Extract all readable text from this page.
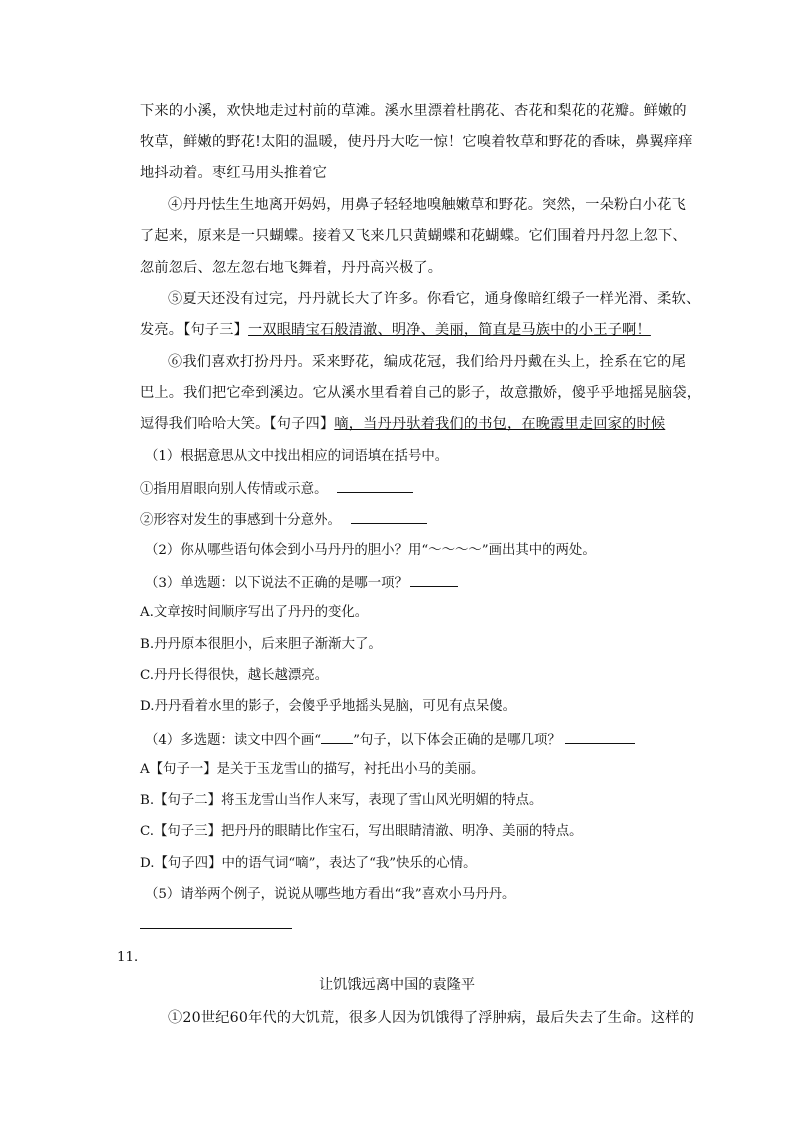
下来的小溪，欢快地走过村前的草滩。溪水里漂着杜鹃花、杏花和梨花的花瓣。鲜嫩的
牧草，鲜嫩的野花!太阳的温暖，使丹丹大吃一惊！它嗅着牧草和野花的香味，鼻翼痒痒
地抖动着。枣红马用头推着它
④丹丹怯生生地离开妈妈，用鼻子轻轻地嗅触嫩草和野花。突然，一朵粉白小花飞
了起来，原来是一只蝴蝶。接着又飞来几只黄蝴蝶和花蝴蝶。它们围着丹丹忽上忽下、
忽前忽后、忽左忽右地飞舞着，丹丹高兴极了。
⑤夏天还没有过完，丹丹就长大了许多。你看它，通身像暗红缎子一样光滑、柔软、
发亮。【句子三】一双眼睛宝石般清澈、明净、美丽，简直是马族中的小王子啊！
⑥我们喜欢打扮丹丹。采来野花，编成花冠，我们给丹丹戴在头上，拴系在它的尾
巴上。我们把它牵到溪边。它从溪水里看着自己的影子，故意撒娇，傻乎乎地摇晃脑袋，
逗得我们哈哈大笑。【句子四】嘀，当丹丹驮着我们的书包，在晚霞里走回家的时候
（1）根据意思从文中找出相应的词语填在括号中。
①指用眉眼向别人传情或示意。
②形容对发生的事感到十分意外。
（2）你从哪些语句体会到小马丹丹的胆小？用“～～～～”画出其中的两处。
（3）单选题：以下说法不正确的是哪一项？
A.文章按时间顺序写出了丹丹的变化。
B.丹丹原本很胆小，后来胆子渐渐大了。
C.丹丹长得很快，越长越漂亮。
D.丹丹看着水里的影子，会傻乎乎地摇头晃脑，可见有点呆傻。
（4）多选题：读文中四个画“ ”句子，以下体会正确的是哪几项？
A【句子一】是关于玉龙雪山的描写，衬托出小马的美丽。
B.【句子二】将玉龙雪山当作人来写，表现了雪山风光明媚的特点。
C.【句子三】把丹丹的眼睛比作宝石，写出眼睛清澈、明净、美丽的特点。
D.【句子四】中的语气词“嘀”，表达了“我”快乐的心情。
（5）请举两个例子，说说从哪些地方看出“我”喜欢小马丹丹。
11．
让饥饿远离中国的袁隆平
①20世纪60年代的大饥荒，很多人因为饥饿得了浮肿病，最后失去了生命。这样的
